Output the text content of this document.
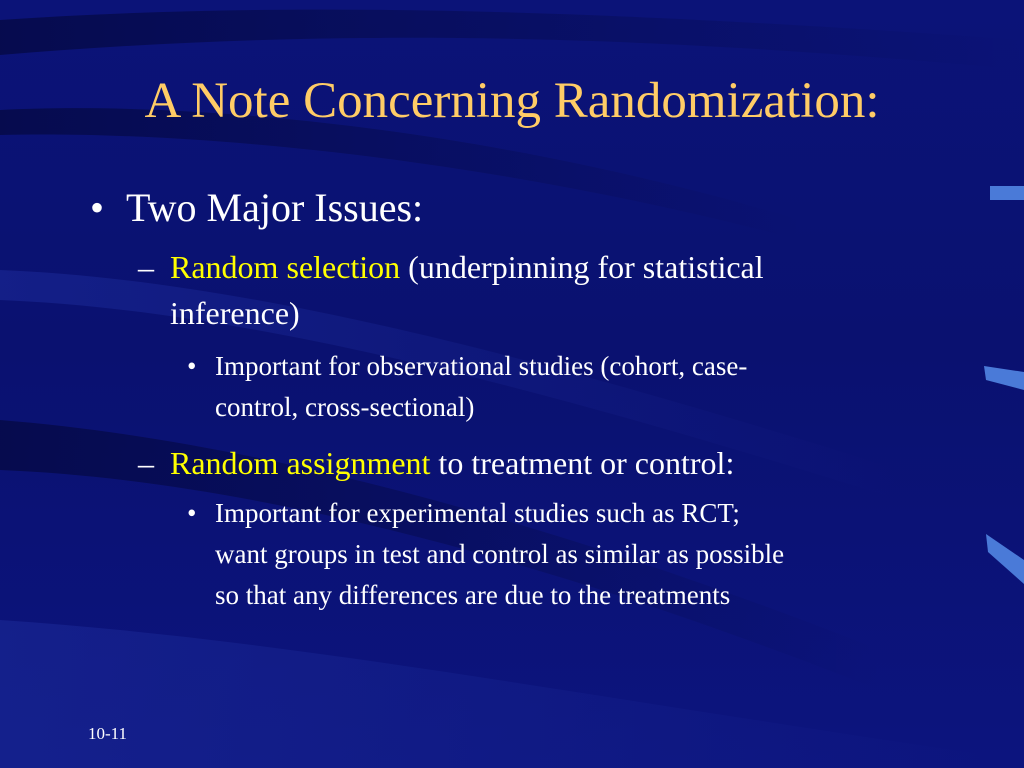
A Note Concerning Randomization:
• Two Major Issues:
– Random selection (underpinning for statistical
inference)
• Important for observational studies (cohort, case-
control, cross-sectional)
– Random assignment to treatment or control:
• Important for experimental studies such as RCT;
want groups in test and control as similar as possible
so that any differences are due to the treatments
10-11
